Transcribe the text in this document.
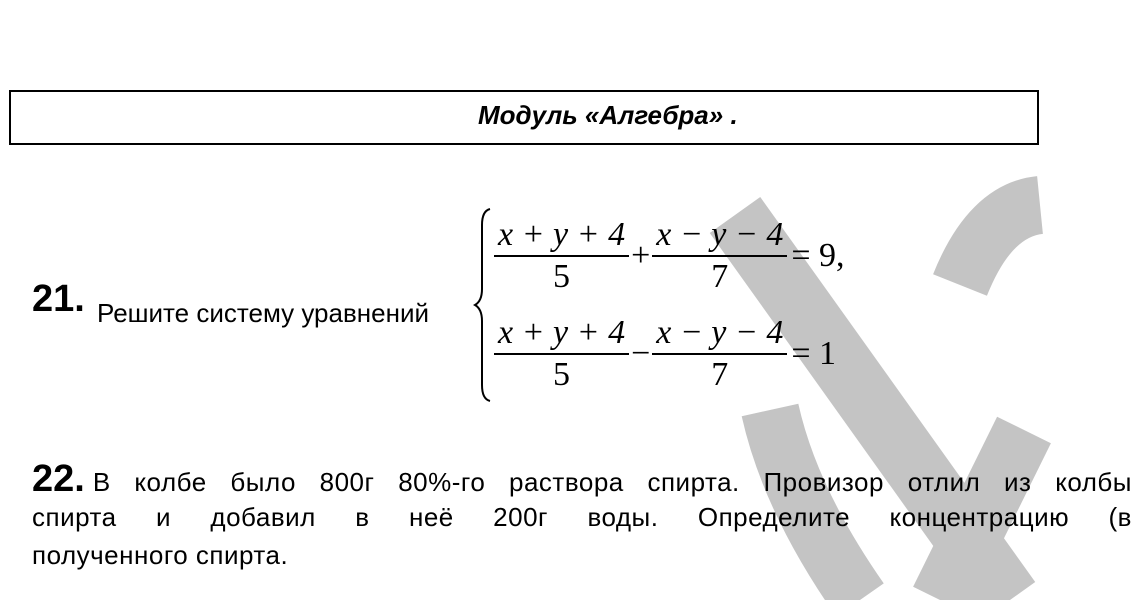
Модуль «Алгебра» .
21. Решите систему уравнений
$\frac{x + y + 4}{5} + \frac{x - y - 4}{7} = 9$,
$\frac{x + y + 4}{5} - \frac{x - y - 4}{7} = 1$
22. В колбе было 800г 80%-го раствора спирта. Провизор отлил из колбы
спирта и добавил в неё 200г воды. Определите концентрацию (в
полученного спирта.
